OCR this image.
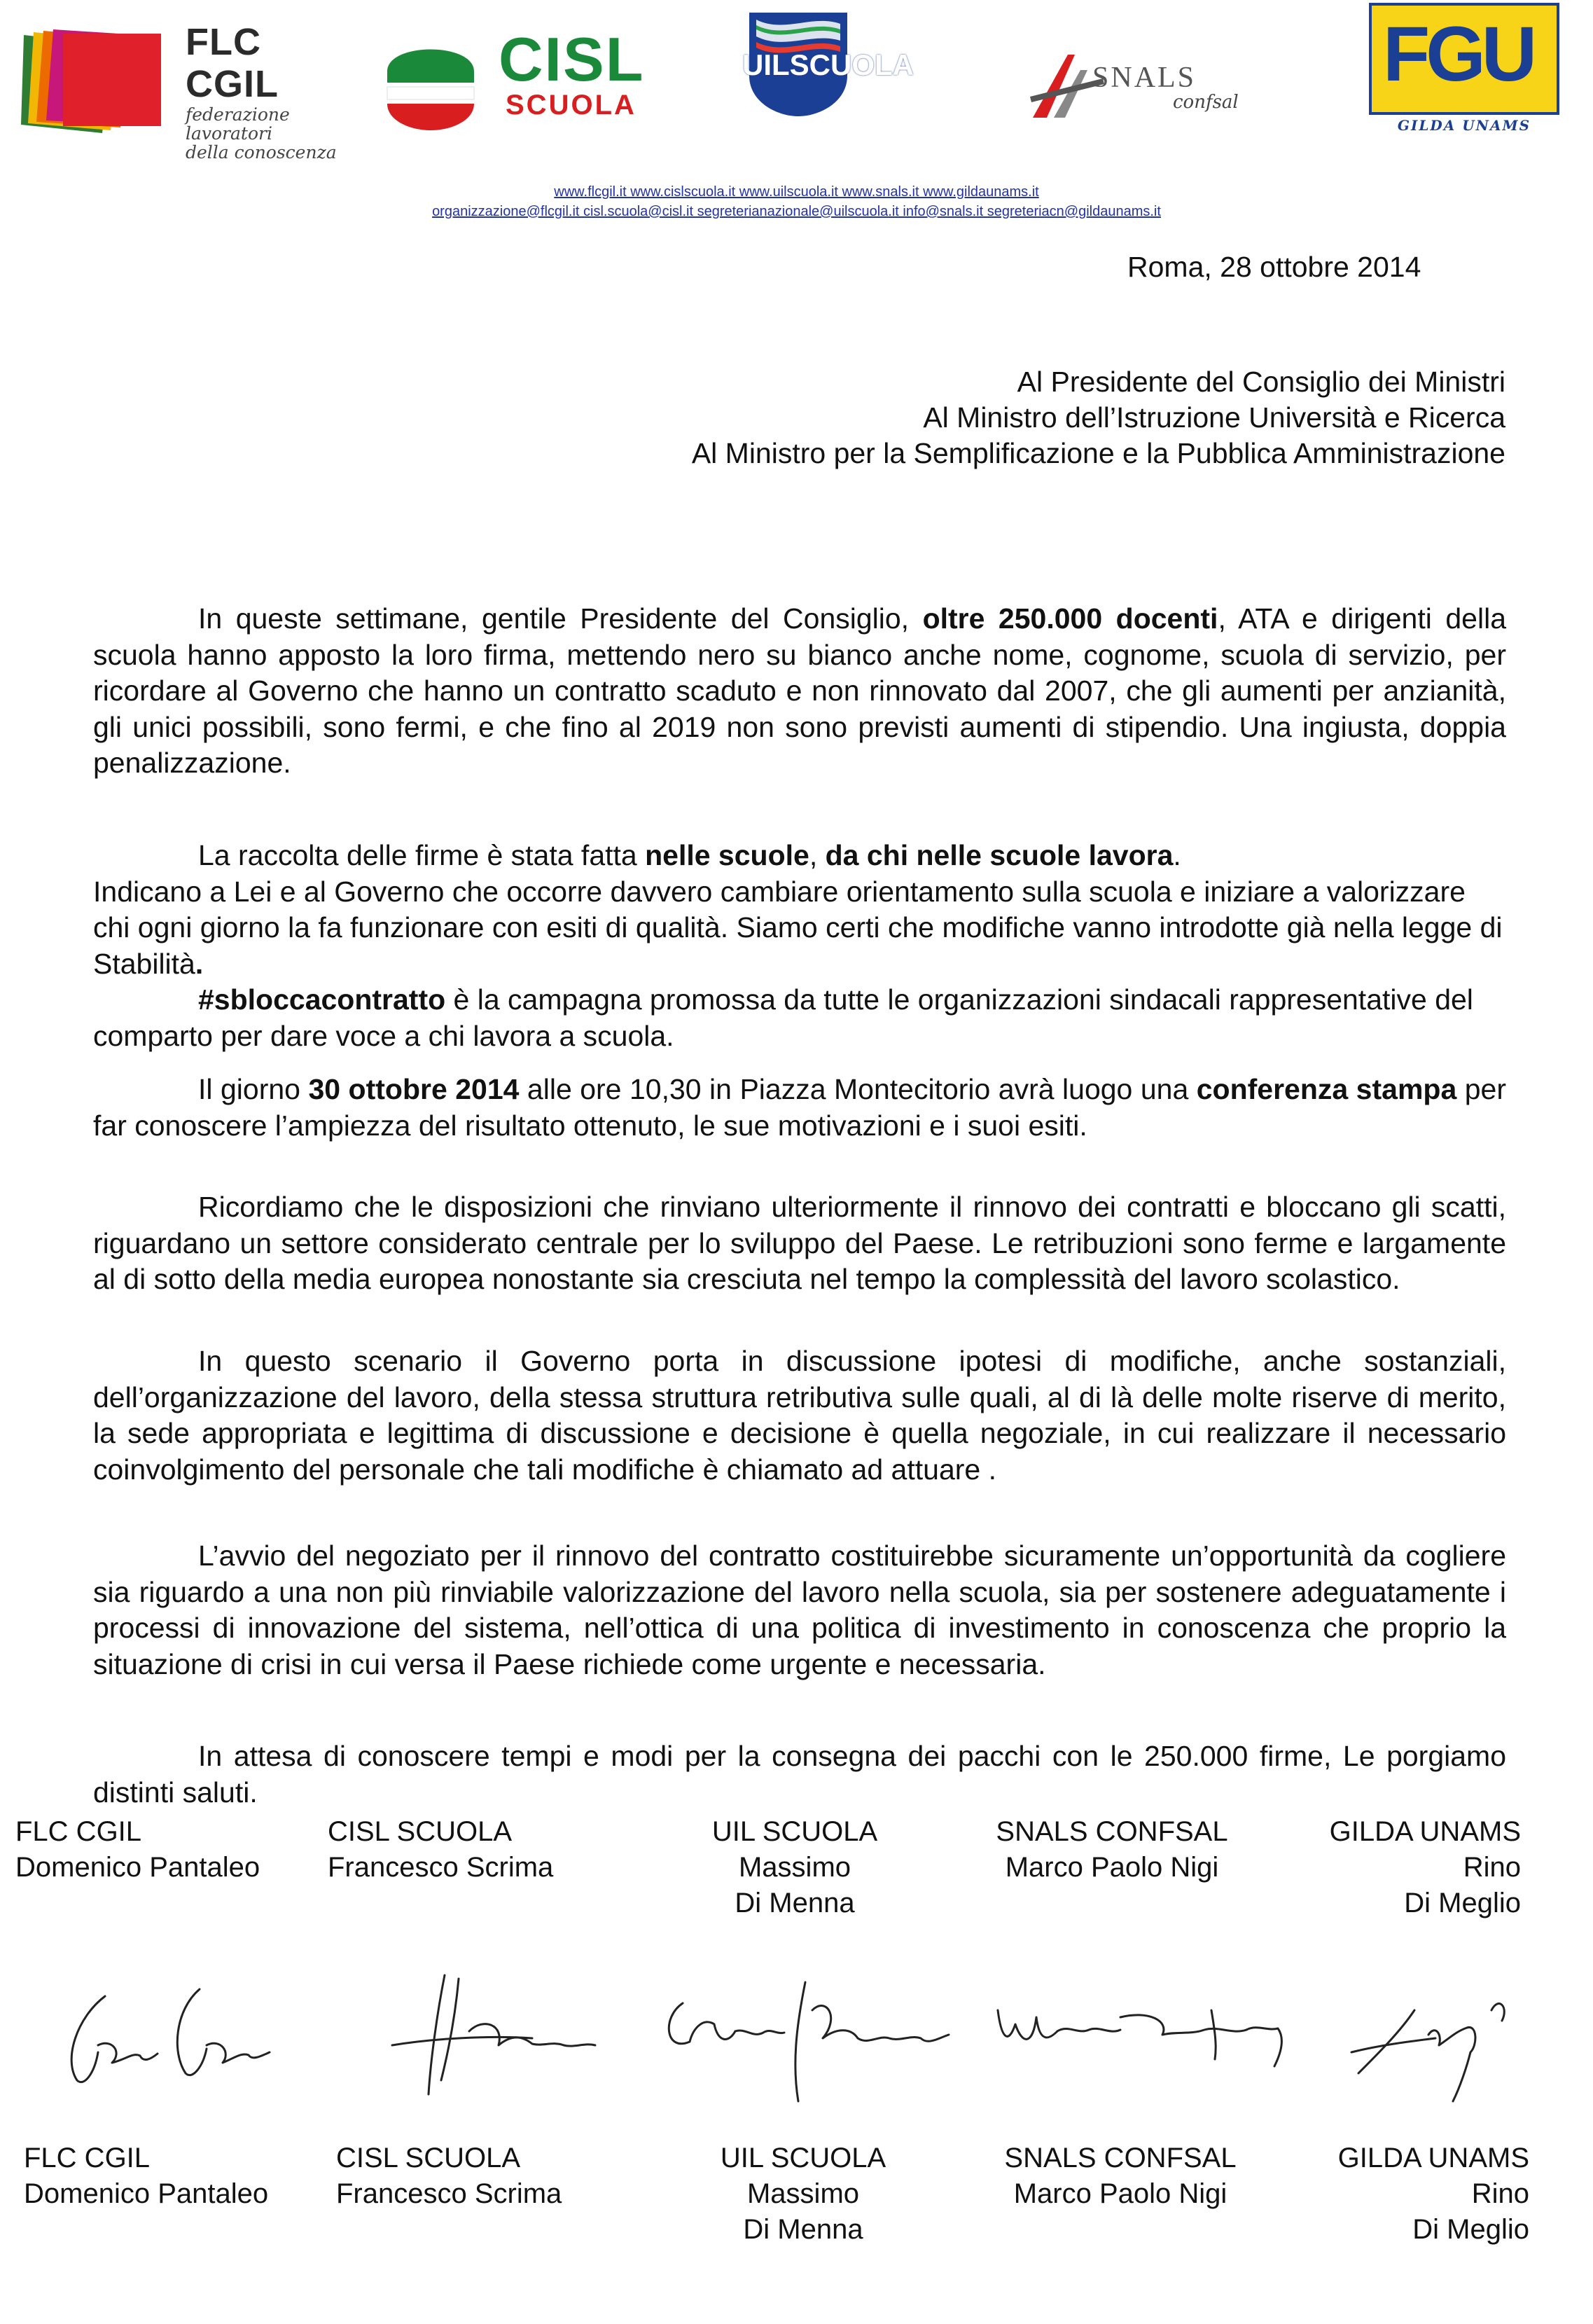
FLC CGIL
federazione
lavoratori
della conoscenza
CISL
SCUOLA
UILSCUOLA	SNALS
confsal
FGU
GILDA UNAMS
www.flcgil.it www.cislscuola.it www.uilscuola.it www.snals.it www.gildaunams.it
organizzazione@flcgil.it cisl.scuola@cisl.it segreterianazionale@uilscuola.it info@snals.it segreteriacn@gildaunams.it
Roma, 28 ottobre 2014
Al Presidente del Consiglio dei Ministri
Al Ministro dell’Istruzione Università e Ricerca
Al Ministro per la Semplificazione e la Pubblica Amministrazione

In queste settimane, gentile Presidente del Consiglio, oltre 250.000 docenti, ATA e dirigenti della scuola hanno apposto la loro firma, mettendo nero su bianco anche nome, cognome, scuola di servizio, per ricordare al Governo che hanno un contratto scaduto e non rinnovato dal 2007, che gli aumenti per anzianità, gli unici possibili, sono fermi, e che fino al 2019 non sono previsti aumenti di stipendio. Una ingiusta, doppia penalizzazione.

La raccolta delle firme è stata fatta nelle scuole, da chi nelle scuole lavora.

Indicano a Lei e al Governo che occorre davvero cambiare orientamento sulla scuola e iniziare a valorizzare chi ogni giorno la fa funzionare con esiti di qualità. Siamo certi che modifiche vanno introdotte già nella legge di Stabilità.

#sbloccacontratto è la campagna promossa da tutte le organizzazioni sindacali rappresentative del comparto per dare voce a chi lavora a scuola.

Il giorno 30 ottobre 2014 alle ore 10,30 in Piazza Montecitorio avrà luogo una conferenza stampa per far conoscere l’ampiezza del risultato ottenuto, le sue motivazioni e i suoi esiti.

Ricordiamo che le disposizioni che rinviano ulteriormente il rinnovo dei contratti e bloccano gli scatti, riguardano un settore considerato centrale per lo sviluppo del Paese. Le retribuzioni sono ferme e largamente al di sotto della media europea nonostante sia cresciuta nel tempo la complessità del lavoro scolastico.

In questo scenario il Governo porta in discussione ipotesi di modifiche, anche sostanziali, dell’organizzazione del lavoro, della stessa struttura retributiva sulle quali, al di là delle molte riserve di merito, la sede appropriata e legittima di discussione e decisione è quella negoziale, in cui realizzare il necessario coinvolgimento del personale che tali modifiche è chiamato ad attuare .

L’avvio del negoziato per il rinnovo del contratto costituirebbe sicuramente un’opportunità da cogliere sia riguardo a una non più rinviabile valorizzazione del lavoro nella scuola, sia per sostenere adeguatamente i processi di innovazione del sistema, nell’ottica di una politica di investimento in conoscenza che proprio la situazione di crisi in cui versa il Paese richiede come urgente e necessaria.

In attesa di conoscere tempi e modi per la consegna dei pacchi con le 250.000 firme, Le porgiamo distinti saluti.

FLC CGIL
Domenico Pantaleo
CISL SCUOLA
Francesco Scrima
UIL SCUOLA
Massimo
Di Menna
SNALS CONFSAL
Marco Paolo Nigi
GILDA UNAMS
Rino
Di Meglio
FLC CGIL
Domenico Pantaleo
CISL SCUOLA
Francesco Scrima
UIL SCUOLA
Massimo
Di Menna
SNALS CONFSAL
Marco Paolo Nigi
GILDA UNAMS
Rino
Di Meglio
